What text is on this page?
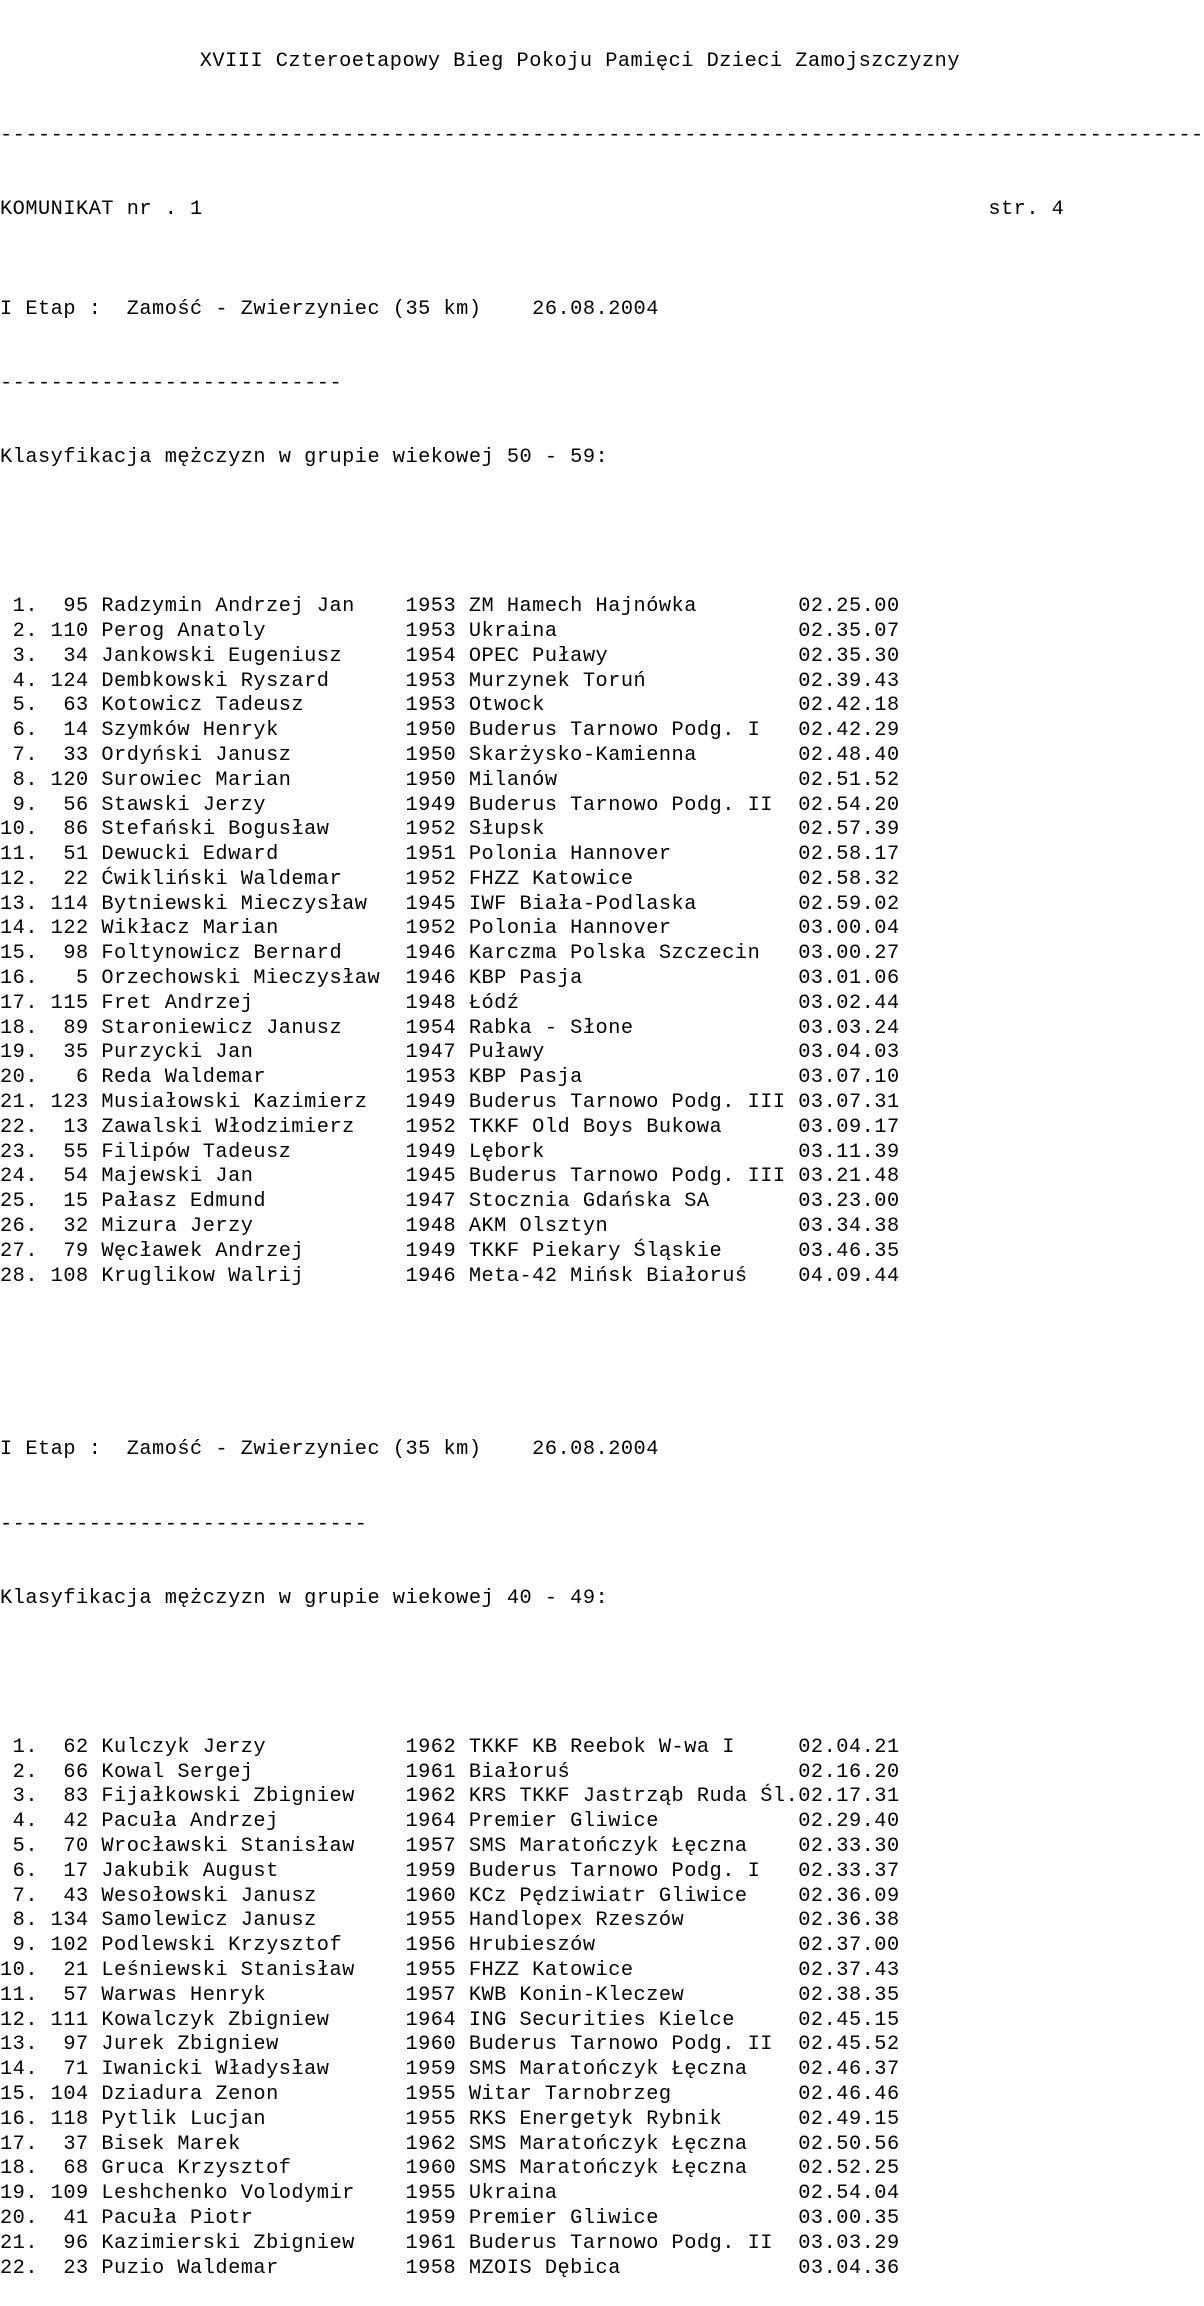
XVIII Czteroetapowy Bieg Pokoju Pamięci Dzieci Zamojszczyzny

-----------------------------------------------------------------------------------------------

KOMUNIKAT nr . 1                                                              str. 4

I Etap :  Zamość - Zwierzyniec (35 km)    26.08.2004

---------------------------

Klasyfikacja mężczyzn w grupie wiekowej 50 - 59:

1.  95 Radzymin Andrzej Jan    1953 ZM Hamech Hajnówka        02.25.00
2. 110 Perog Anatoly           1953 Ukraina                   02.35.07
3.  34 Jankowski Eugeniusz     1954 OPEC Puławy               02.35.30
4. 124 Dembkowski Ryszard      1953 Murzynek Toruń            02.39.43
5.  63 Kotowicz Tadeusz        1953 Otwock                    02.42.18
6.  14 Szymków Henryk          1950 Buderus Tarnowo Podg. I   02.42.29
7.  33 Ordyński Janusz         1950 Skarżysko-Kamienna        02.48.40
8. 120 Surowiec Marian         1950 Milanów                   02.51.52
9.  56 Stawski Jerzy           1949 Buderus Tarnowo Podg. II  02.54.20
10.  86 Stefański Bogusław      1952 Słupsk                    02.57.39
11.  51 Dewucki Edward          1951 Polonia Hannover          02.58.17
12.  22 Ćwikliński Waldemar     1952 FHZZ Katowice             02.58.32
13. 114 Bytniewski Mieczysław   1945 IWF Biała-Podlaska        02.59.02
14. 122 Wikłacz Marian          1952 Polonia Hannover          03.00.04
15.  98 Foltynowicz Bernard     1946 Karczma Polska Szczecin   03.00.27
16.   5 Orzechowski Mieczysław  1946 KBP Pasja                 03.01.06
17. 115 Fret Andrzej            1948 Łódź                      03.02.44
18.  89 Staroniewicz Janusz     1954 Rabka - Słone             03.03.24
19.  35 Purzycki Jan            1947 Puławy                    03.04.03
20.   6 Reda Waldemar           1953 KBP Pasja                 03.07.10
21. 123 Musiałowski Kazimierz   1949 Buderus Tarnowo Podg. III 03.07.31
22.  13 Zawalski Włodzimierz    1952 TKKF Old Boys Bukowa      03.09.17
23.  55 Filipów Tadeusz         1949 Lębork                    03.11.39
24.  54 Majewski Jan            1945 Buderus Tarnowo Podg. III 03.21.48
25.  15 Pałasz Edmund           1947 Stocznia Gdańska SA       03.23.00
26.  32 Mizura Jerzy            1948 AKM Olsztyn               03.34.38
27.  79 Węcławek Andrzej        1949 TKKF Piekary Śląskie      03.46.35
28. 108 Kruglikow Walrij        1946 Meta-42 Mińsk Białoruś    04.09.44

I Etap :  Zamość - Zwierzyniec (35 km)    26.08.2004

-----------------------------

Klasyfikacja mężczyzn w grupie wiekowej 40 - 49:

1.  62 Kulczyk Jerzy           1962 TKKF KB Reebok W-wa I     02.04.21
2.  66 Kowal Sergej            1961 Białoruś                  02.16.20
3.  83 Fijałkowski Zbigniew    1962 KRS TKKF Jastrząb Ruda Śl.02.17.31
4.  42 Pacuła Andrzej          1964 Premier Gliwice           02.29.40
5.  70 Wrocławski Stanisław    1957 SMS Maratończyk Łęczna    02.33.30
6.  17 Jakubik August          1959 Buderus Tarnowo Podg. I   02.33.37
7.  43 Wesołowski Janusz       1960 KCz Pędziwiatr Gliwice    02.36.09
8. 134 Samolewicz Janusz       1955 Handlopex Rzeszów         02.36.38
9. 102 Podlewski Krzysztof     1956 Hrubieszów                02.37.00
10.  21 Leśniewski Stanisław    1955 FHZZ Katowice             02.37.43
11.  57 Warwas Henryk           1957 KWB Konin-Kleczew         02.38.35
12. 111 Kowalczyk Zbigniew      1964 ING Securities Kielce     02.45.15
13.  97 Jurek Zbigniew          1960 Buderus Tarnowo Podg. II  02.45.52
14.  71 Iwanicki Władysław      1959 SMS Maratończyk Łęczna    02.46.37
15. 104 Dziadura Zenon          1955 Witar Tarnobrzeg          02.46.46
16. 118 Pytlik Lucjan           1955 RKS Energetyk Rybnik      02.49.15
17.  37 Bisek Marek             1962 SMS Maratończyk Łęczna    02.50.56
18.  68 Gruca Krzysztof         1960 SMS Maratończyk Łęczna    02.52.25
19. 109 Leshchenko Volodymir    1955 Ukraina                   02.54.04
20.  41 Pacuła Piotr            1959 Premier Gliwice           03.00.35
21.  96 Kazimierski Zbigniew    1961 Buderus Tarnowo Podg. II  03.03.29
22.  23 Puzio Waldemar          1958 MZOIS Dębica              03.04.36
